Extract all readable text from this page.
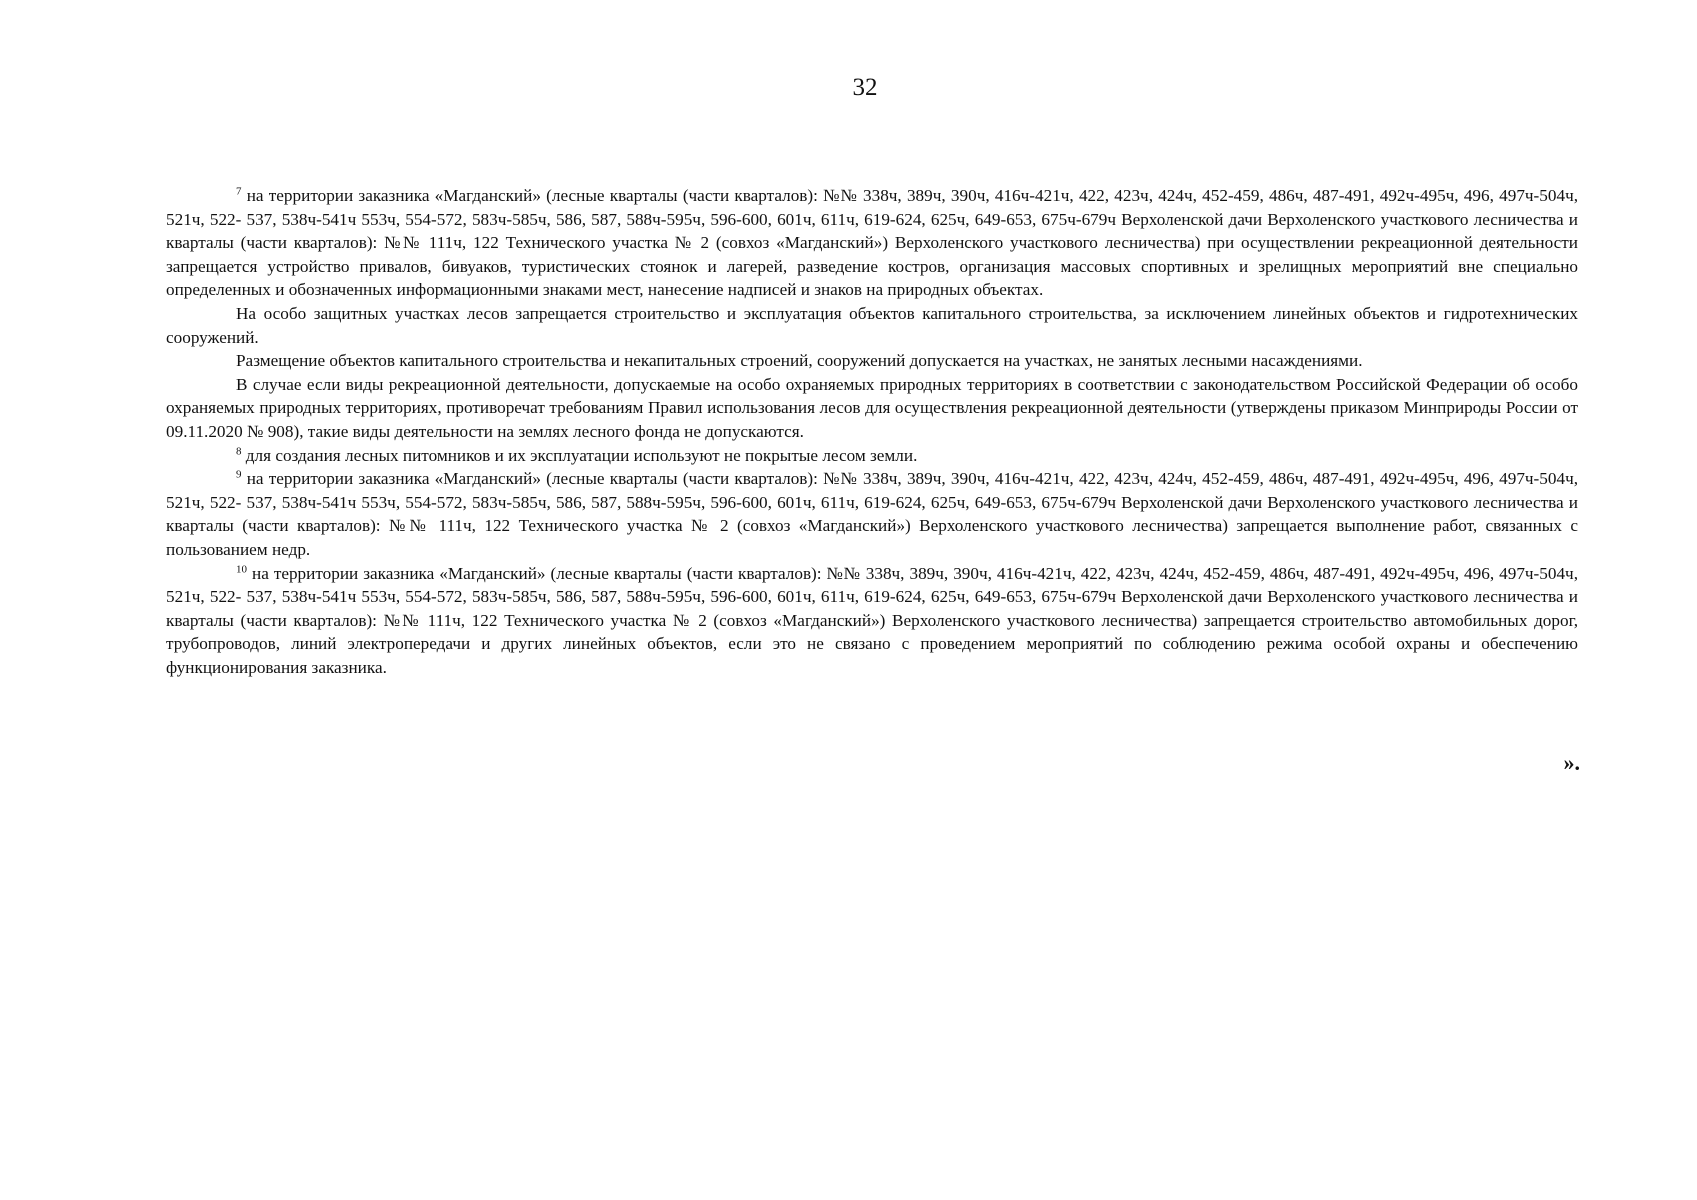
32

$^7$ на территории заказника «Магданский» (лесные кварталы (части кварталов): №№ 338ч, 389ч, 390ч, 416ч-421ч, 422, 423ч, 424ч, 452-459, 486ч, 487-491, 492ч-495ч, 496, 497ч-504ч, 521ч, 522- 537, 538ч-541ч 553ч, 554-572, 583ч-585ч, 586, 587, 588ч-595ч, 596-600, 601ч, 611ч, 619-624, 625ч, 649-653, 675ч-679ч Верхоленской дачи Верхоленского участкового лесничества и кварталы (части кварталов): №№ 111ч, 122 Технического участка № 2 (совхоз «Магданский») Верхоленского участкового лесничества) при осуществлении рекреационной деятельности запрещается устройство привалов, бивуаков, туристических стоянок и лагерей, разведение костров, организация массовых спортивных и зрелищных мероприятий вне специально определенных и обозначенных информационными знаками мест, нанесение надписей и знаков на природных объектах.

На особо защитных участках лесов запрещается строительство и эксплуатация объектов капитального строительства, за исключением линейных объектов и гидротехнических сооружений.

Размещение объектов капитального строительства и некапитальных строений, сооружений допускается на участках, не занятых лесными насаждениями.

В случае если виды рекреационной деятельности, допускаемые на особо охраняемых природных территориях в соответствии с законодательством Российской Федерации об особо охраняемых природных территориях, противоречат требованиям Правил использования лесов для осуществления рекреационной деятельности (утверждены приказом Минприроды России от 09.11.2020 № 908), такие виды деятельности на землях лесного фонда не допускаются.

$^8$ для создания лесных питомников и их эксплуатации используют не покрытые лесом земли.

$^9$ на территории заказника «Магданский» (лесные кварталы (части кварталов): №№ 338ч, 389ч, 390ч, 416ч-421ч, 422, 423ч, 424ч, 452-459, 486ч, 487-491, 492ч-495ч, 496, 497ч-504ч, 521ч, 522- 537, 538ч-541ч 553ч, 554-572, 583ч-585ч, 586, 587, 588ч-595ч, 596-600, 601ч, 611ч, 619-624, 625ч, 649-653, 675ч-679ч Верхоленской дачи Верхоленского участкового лесничества и кварталы (части кварталов): №№ 111ч, 122 Технического участка № 2 (совхоз «Магданский») Верхоленского участкового лесничества) запрещается выполнение работ, связанных с пользованием недр.

$^{10}$ на территории заказника «Магданский» (лесные кварталы (части кварталов): №№ 338ч, 389ч, 390ч, 416ч-421ч, 422, 423ч, 424ч, 452-459, 486ч, 487-491, 492ч-495ч, 496, 497ч-504ч, 521ч, 522- 537, 538ч-541ч 553ч, 554-572, 583ч-585ч, 586, 587, 588ч-595ч, 596-600, 601ч, 611ч, 619-624, 625ч, 649-653, 675ч-679ч Верхоленской дачи Верхоленского участкового лесничества и кварталы (части кварталов): №№ 111ч, 122 Технического участка № 2 (совхоз «Магданский») Верхоленского участкового лесничества) запрещается строительство автомобильных дорог, трубопроводов, линий электропередачи и других линейных объектов, если это не связано с проведением мероприятий по соблюдению режима особой охраны и обеспечению функционирования заказника.

».
